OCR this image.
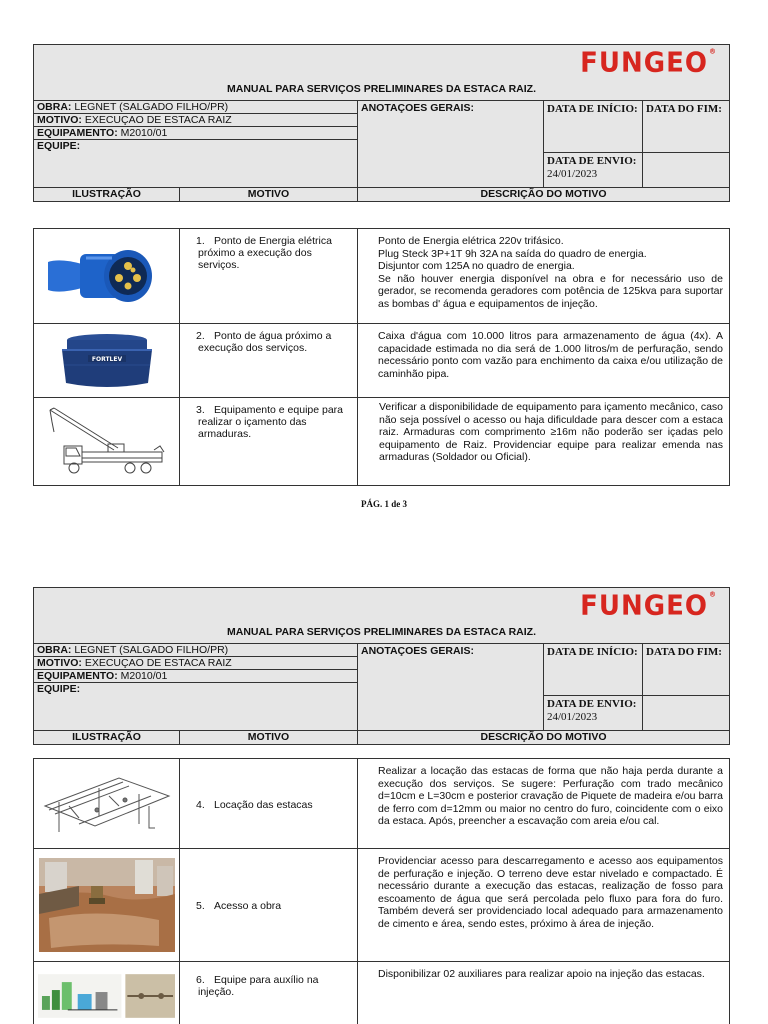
FUNGEO®
MANUAL PARA SERVIÇOS PRELIMINARES DA ESTACA RAIZ.
OBRA: LEGNET (SALGADO FILHO/PR)
MOTIVO: EXECUÇAO DE ESTACA RAIZ
EQUIPAMENTO: M2010/01
EQUIPE:
ANOTAÇOES GERAIS:	DATA DE INÍCIO:
DATA DE ENVIO:
24/01/2023
DATA DO FIM:
ILUSTRAÇÃO	MOTIVO	DESCRIÇÃO DO MOTIVO
1. Ponto de Energia elétrica próximo a execução dos serviços.

Ponto de Energia elétrica 220v trifásico.

Plug Steck 3P+1T 9h 32A na saída do quadro de energia.

Disjuntor com 125A no quadro de energia.

Se não houver energia disponível na obra e for necessário uso de gerador, se recomenda geradores com potência de 125kva para suportar as bombas d' água e equipamentos de injeção.

FORTLEV
2. Ponto de água próximo a execução dos serviços.

Caixa d'água com 10.000 litros para armazenamento de água (4x). A capacidade estimada no dia será de 1.000 litros/m de perfuração, sendo necessário ponto com vazão para enchimento da caixa e/ou utilização de caminhão pipa.

3. Equipamento e equipe para realizar o içamento das armaduras.

Verificar a disponibilidade de equipamento para içamento mecânico, caso não seja possível o acesso ou haja dificuldade para descer com a estaca raiz. Armaduras com comprimento ≥16m não poderão ser içadas pelo equipamento de Raiz. Providenciar equipe para realizar emenda nas armaduras (Soldador ou Oficial).

PÁG. 1 de 3
FUNGEO®
MANUAL PARA SERVIÇOS PRELIMINARES DA ESTACA RAIZ.
OBRA: LEGNET (SALGADO FILHO/PR)
MOTIVO: EXECUÇAO DE ESTACA RAIZ
EQUIPAMENTO: M2010/01
EQUIPE:
ANOTAÇOES GERAIS:	DATA DE INÍCIO:
DATA DE ENVIO:
24/01/2023
DATA DO FIM:
ILUSTRAÇÃO	MOTIVO	DESCRIÇÃO DO MOTIVO
4. Locação das estacas

Realizar a locação das estacas de forma que não haja perda durante a execução dos serviços. Se sugere: Perfuração com trado mecânico d=10cm e L=30cm e posterior cravação de Piquete de madeira e/ou barra de ferro com d=12mm ou maior no centro do furo, coincidente com o eixo da estaca. Após, preencher a escavação com areia e/ou cal.

5. Acesso a obra

Providenciar acesso para descarregamento e acesso aos equipamentos de perfuração e injeção. O terreno deve estar nivelado e compactado. É necessário durante a execução das estacas, realização de fosso para escoamento de água que será percolada pelo fluxo para fora do furo. Também deverá ser providenciado local adequado para armazenamento de cimento e área, sendo estes, próximo à área de injeção.

6. Equipe para auxílio na injeção.

Disponibilizar 02 auxiliares para realizar apoio na injeção das estacas.
